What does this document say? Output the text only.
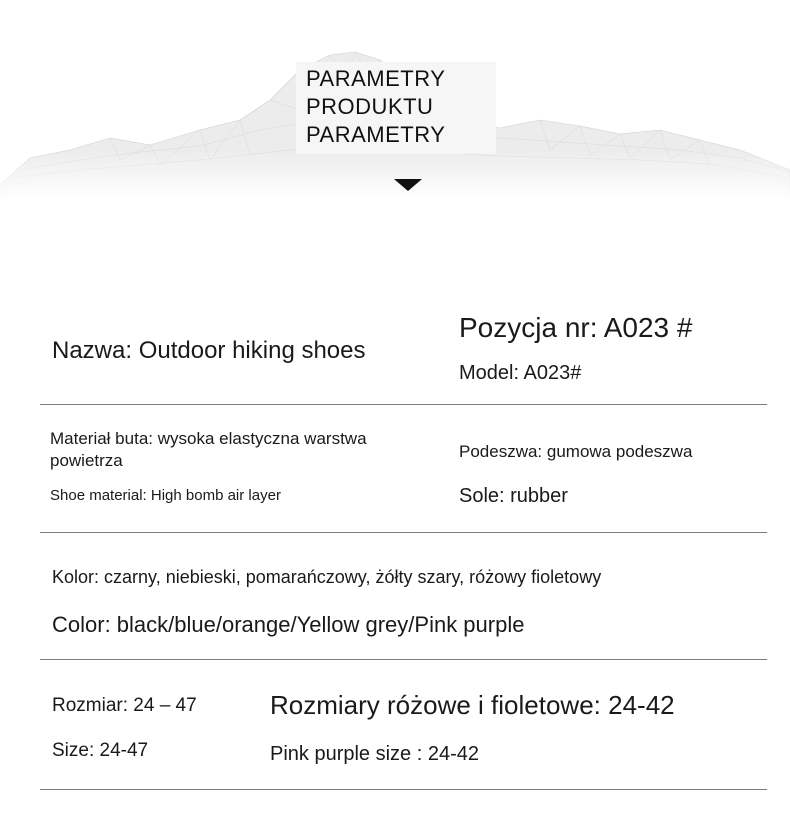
PARAMETRY
PRODUKTU
PARAMETRY
Nazwa: Outdoor hiking shoes
Pozycja nr: A023 #
Model: A023#
Materiał buta: wysoka elastyczna warstwa
powietrza
Shoe material: High bomb air layer
Podeszwa: gumowa podeszwa
Sole: rubber
Kolor: czarny, niebieski, pomarańczowy, żółty szary, różowy fioletowy
Color: black/blue/orange/Yellow grey/Pink purple
Rozmiar: 24 – 47
Size: 24-47
Rozmiary różowe i fioletowe: 24-42
Pink purple size : 24-42
